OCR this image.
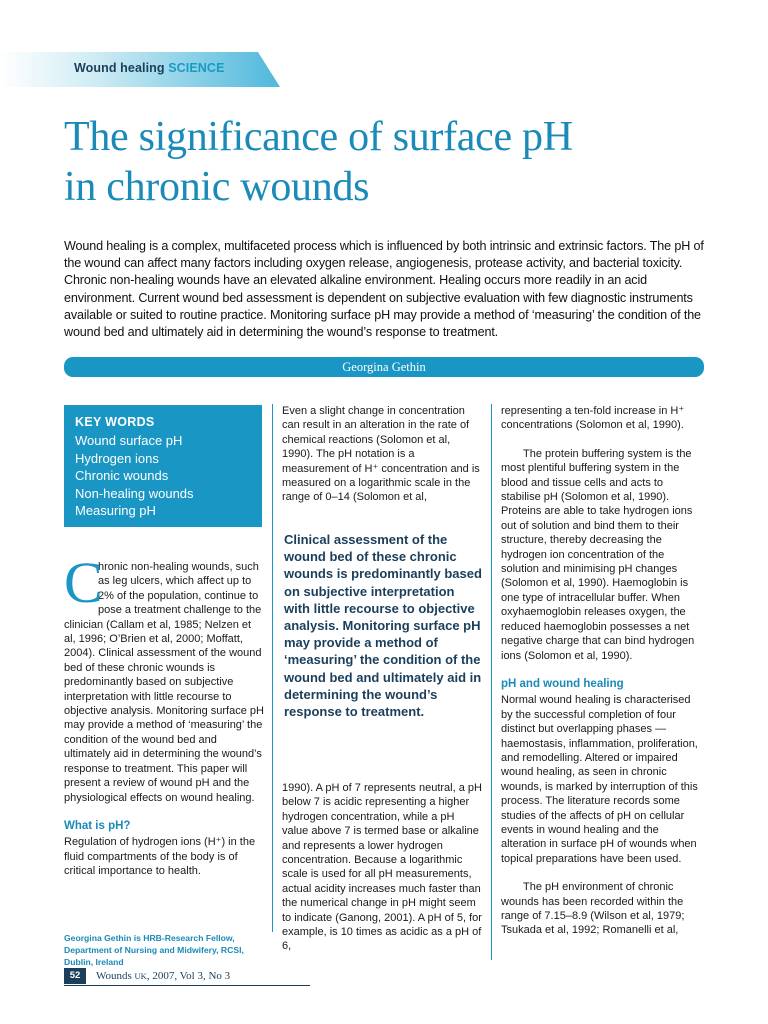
Wound healing SCIENCE
The significance of surface pH
in chronic wounds

Wound healing is a complex, multifaceted process which is influenced by both intrinsic and extrinsic factors. The pH of the wound can affect many factors including oxygen release, angiogenesis, protease activity, and bacterial toxicity. Chronic non-healing wounds have an elevated alkaline environment. Healing occurs more readily in an acid environment. Current wound bed assessment is dependent on subjective evaluation with few diagnostic instruments available or suited to routine practice. Monitoring surface pH may provide a method of ‘measuring’ the condition of the wound bed and ultimately aid in determining the wound’s response to treatment.

Georgina Gethin
KEY WORDS
Wound surface pH
Hydrogen ions
Chronic wounds
Non-healing wounds
Measuring pH
C
hronic non-healing wounds, such as leg ulcers, which affect up to 2% of the population, continue to pose a treatment challenge to the clinician (Callam et al, 1985; Nelzen et al, 1996; O’Brien et al, 2000; Moffatt, 2004). Clinical assessment of the wound bed of these chronic wounds is predominantly based on subjective interpretation with little recourse to objective analysis. Monitoring surface pH may provide a method of ‘measuring’ the condition of the wound bed and ultimately aid in determining the wound’s response to treatment. This paper will present a review of wound pH and the physiological effects on wound healing.
What is pH?

Regulation of hydrogen ions (H⁺) in the fluid compartments of the body is of critical importance to health.

Georgina Gethin is HRB-Research Fellow, Department of Nursing and Midwifery, RCSI, Dublin, Ireland

Even a slight change in concentration can result in an alteration in the rate of chemical reactions (Solomon et al, 1990). The pH notation is a measurement of H⁺ concentration and is measured on a logarithmic scale in the range of 0–14 (Solomon et al,

Clinical assessment of the wound bed of these chronic wounds is predominantly based on subjective interpretation with little recourse to objective analysis. Monitoring surface pH may provide a method of ‘measuring’ the condition of the wound bed and ultimately aid in determining the wound’s response to treatment.

1990). A pH of 7 represents neutral, a pH below 7 is acidic representing a higher hydrogen concentration, while a pH value above 7 is termed base or alkaline and represents a lower hydrogen concentration. Because a logarithmic scale is used for all pH measurements, actual acidity increases much faster than the numerical change in pH might seem to indicate (Ganong, 2001). A pH of 5, for example, is 10 times as acidic as a pH of 6,

representing a ten-fold increase in H⁺ concentrations (Solomon et al, 1990).

The protein buffering system is the most plentiful buffering system in the blood and tissue cells and acts to stabilise pH (Solomon et al, 1990). Proteins are able to take hydrogen ions out of solution and bind them to their structure, thereby decreasing the hydrogen ion concentration of the solution and minimising pH changes (Solomon et al, 1990). Haemoglobin is one type of intracellular buffer. When oxyhaemoglobin releases oxygen, the reduced haemoglobin possesses a net negative charge that can bind hydrogen ions (Solomon et al, 1990).

pH and wound healing

Normal wound healing is characterised by the successful completion of four distinct but overlapping phases —haemostasis, inflammation, proliferation, and remodelling. Altered or impaired wound healing, as seen in chronic wounds, is marked by interruption of this process. The literature records some studies of the affects of pH on cellular events in wound healing and the alteration in surface pH of wounds when topical preparations have been used.

The pH environment of chronic wounds has been recorded within the range of 7.15–8.9 (Wilson et al, 1979; Tsukada et al, 1992; Romanelli et al,

52	Wounds UK, 2007, Vol 3, No 3
